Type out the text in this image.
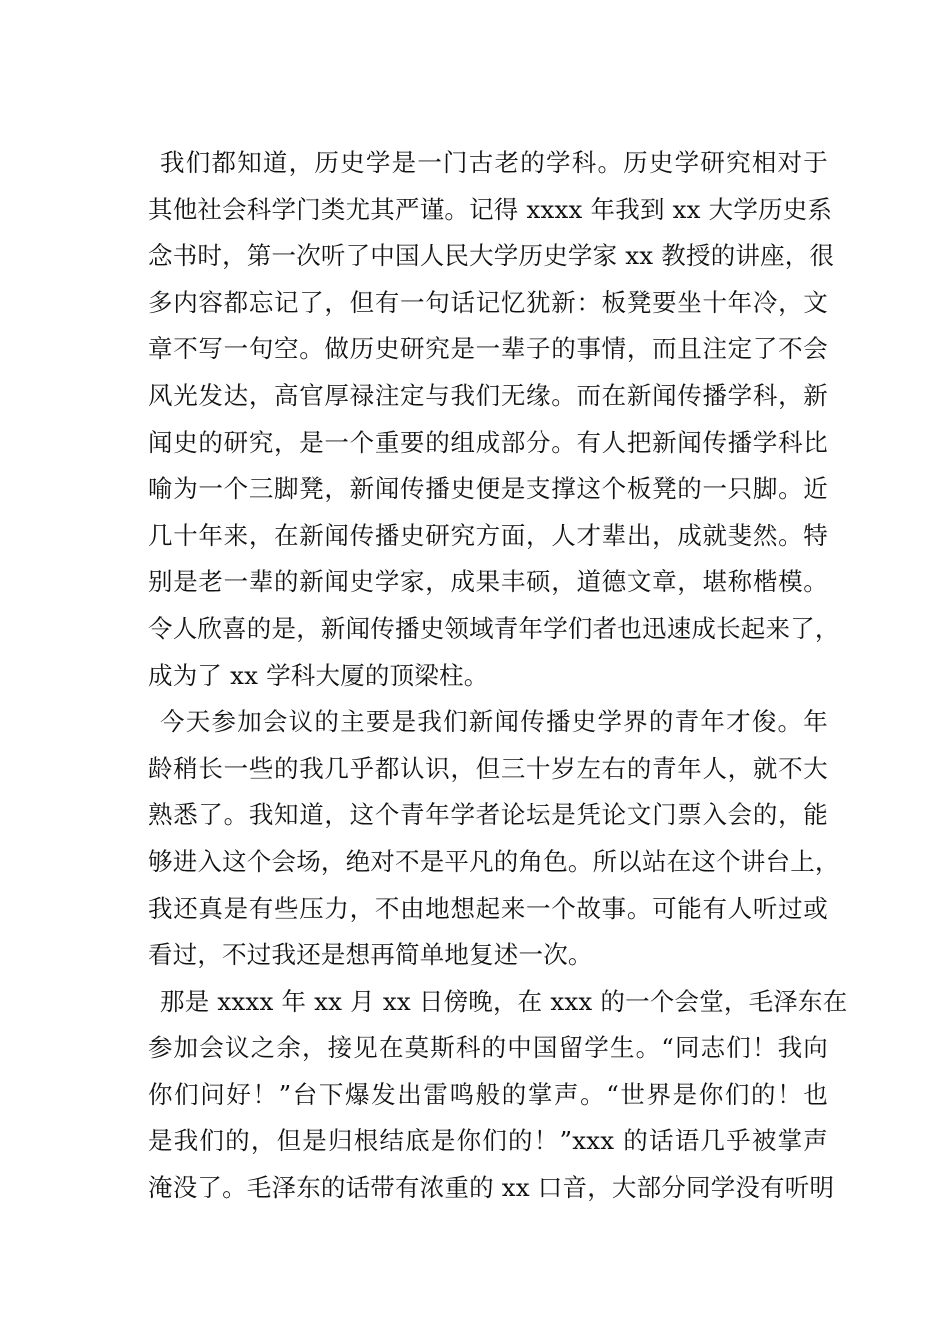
我们都知道，历史学是一门古老的学科。历史学研究相对于
其他社会科学门类尤其严谨。记得 xxxx 年我到 xx 大学历史系
念书时，第一次听了中国人民大学历史学家 xx 教授的讲座，很
多内容都忘记了，但有一句话记忆犹新：板凳要坐十年冷，文
章不写一句空。做历史研究是一辈子的事情，而且注定了不会
风光发达，高官厚禄注定与我们无缘。而在新闻传播学科，新
闻史的研究，是一个重要的组成部分。有人把新闻传播学科比
喻为一个三脚凳，新闻传播史便是支撑这个板凳的一只脚。近
几十年来，在新闻传播史研究方面，人才辈出，成就斐然。特
别是老一辈的新闻史学家，成果丰硕，道德文章，堪称楷模。
令人欣喜的是，新闻传播史领域青年学们者也迅速成长起来了，
成为了 xx 学科大厦的顶梁柱。
今天参加会议的主要是我们新闻传播史学界的青年才俊。年
龄稍长一些的我几乎都认识，但三十岁左右的青年人，就不大
熟悉了。我知道，这个青年学者论坛是凭论文门票入会的，能
够进入这个会场，绝对不是平凡的角色。所以站在这个讲台上，
我还真是有些压力，不由地想起来一个故事。可能有人听过或
看过，不过我还是想再简单地复述一次。
那是 xxxx 年 xx 月 xx 日傍晚，在 xxx 的一个会堂，毛泽东在
参加会议之余，接见在莫斯科的中国留学生。“同志们！我向
你们问好！”台下爆发出雷鸣般的掌声。“世界是你们的！也
是我们的，但是归根结底是你们的！”xxx 的话语几乎被掌声
淹没了。毛泽东的话带有浓重的 xx 口音，大部分同学没有听明
